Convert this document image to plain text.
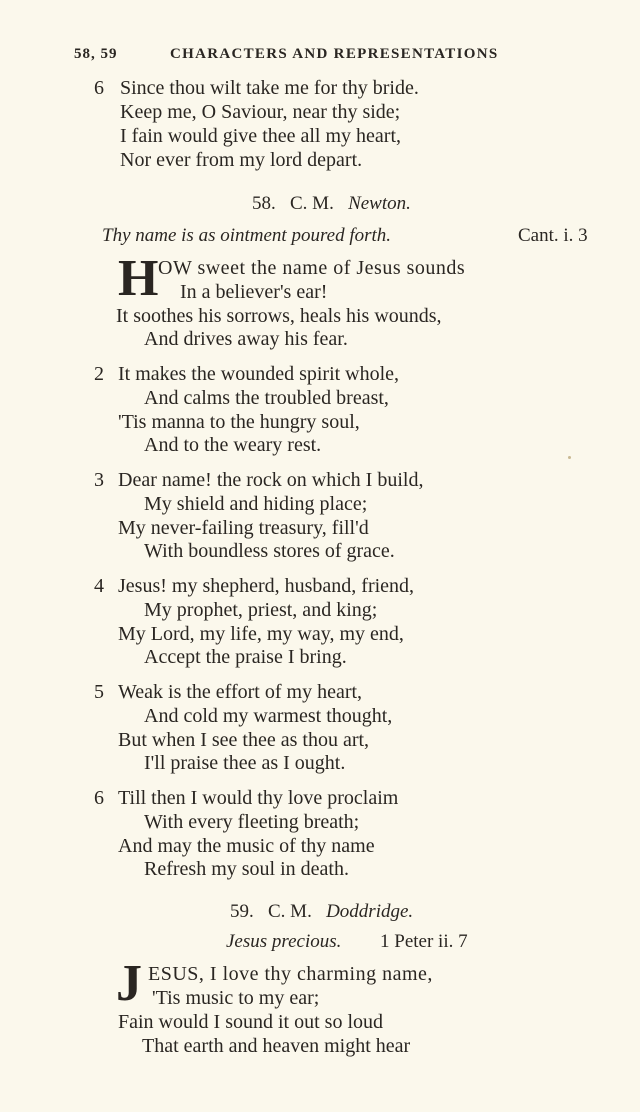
58, 59	CHARACTERS AND REPRESENTATIONS
6 Since thou wilt take me for thy bride.
Keep me, O Saviour, near thy side;
I fain would give thee all my heart,
Nor ever from my lord depart.
58. C. M. Newton.
Thy name is as ointment poured forth.	Cant. i. 3
H OW sweet the name of Jesus sounds
In a believer's ear!
It soothes his sorrows, heals his wounds,
And drives away his fear.
2 It makes the wounded spirit whole,
And calms the troubled breast,
'Tis manna to the hungry soul,
And to the weary rest.
3 Dear name! the rock on which I build,
My shield and hiding place;
My never-failing treasury, fill'd
With boundless stores of grace.
4 Jesus! my shepherd, husband, friend,
My prophet, priest, and king;
My Lord, my life, my way, my end,
Accept the praise I bring.
5 Weak is the effort of my heart,
And cold my warmest thought,
But when I see thee as thou art,
I'll praise thee as I ought.
6 Till then I would thy love proclaim
With every fleeting breath;
And may the music of thy name
Refresh my soul in death.
59. C. M. Doddridge.
Jesus precious. 1 Peter ii. 7
J ESUS, I love thy charming name,
'Tis music to my ear;
Fain would I sound it out so loud
That earth and heaven might hear
